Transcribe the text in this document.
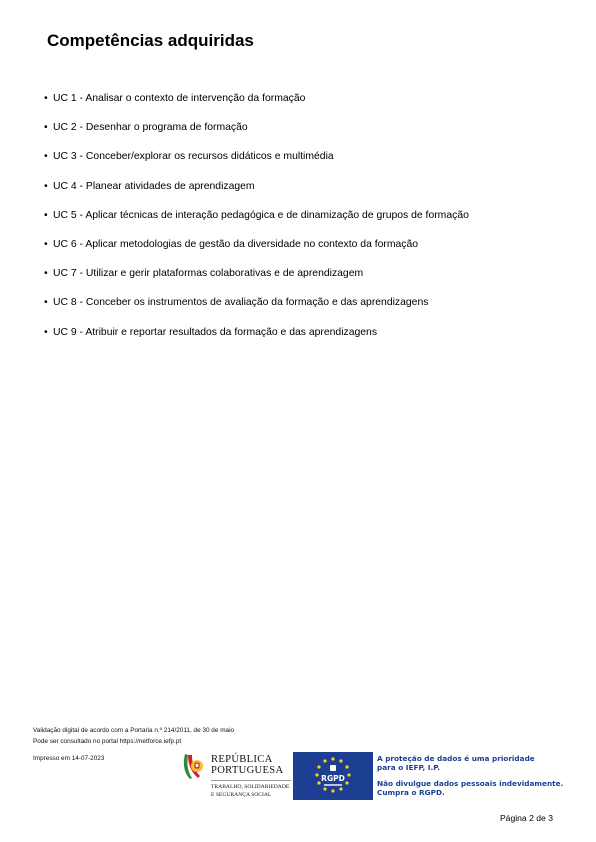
Competências adquiridas
• UC 1 - Analisar o contexto de intervenção da formação
• UC 2 - Desenhar o programa de formação
• UC 3 - Conceber/explorar os recursos didáticos e multimédia
• UC 4 - Planear atividades de aprendizagem
• UC 5 - Aplicar técnicas de interação pedagógica e de dinamização de grupos de formação
• UC 6 - Aplicar metodologias de gestão da diversidade no contexto da formação
• UC 7 - Utilizar e gerir plataformas colaborativas e de aprendizagem
• UC 8 - Conceber os instrumentos de avaliação da formação e das aprendizagens
• UC 9 - Atribuir e reportar resultados da formação e das aprendizagens
Validação digital de acordo com a Portaria n.º 214/2011, de 30 de maio
Pode ser consultado no portal https://netforce.iefp.pt
Impresso em 14-07-2023	REPÚBLICA
PORTUGUESA
TRABALHO, SOLIDARIEDADE
E SEGURANÇA SOCIAL
RGPD
A proteção de dados é uma prioridade
para o IEFP, I.P.
Não divulgue dados pessoais indevidamente.
Cumpra o RGPD.
Página 2 de 3
